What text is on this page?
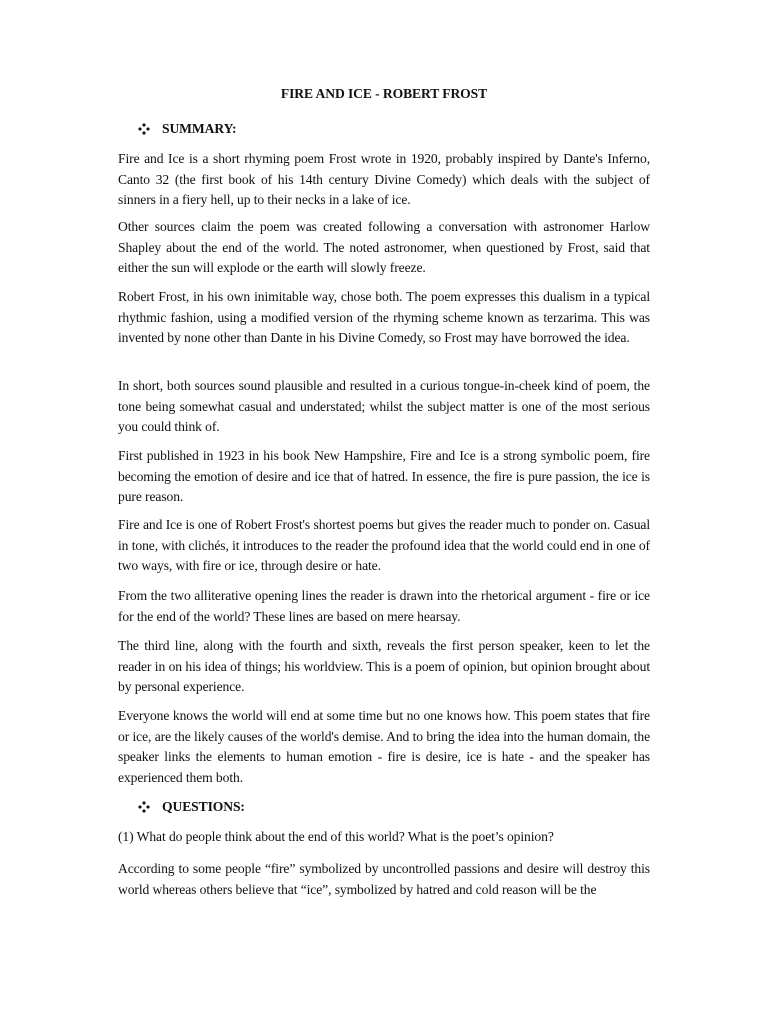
FIRE AND ICE - ROBERT FROST
SUMMARY:

Fire and Ice is a short rhyming poem Frost wrote in 1920, probably inspired by Dante's Inferno, Canto 32 (the first book of his 14th century Divine Comedy) which deals with the subject of sinners in a fiery hell, up to their necks in a lake of ice.

Other sources claim the poem was created following a conversation with astronomer Harlow Shapley about the end of the world. The noted astronomer, when questioned by Frost, said that either the sun will explode or the earth will slowly freeze.

Robert Frost, in his own inimitable way, chose both. The poem expresses this dualism in a typical rhythmic fashion, using a modified version of the rhyming scheme known as terzarima. This was invented by none other than Dante in his Divine Comedy, so Frost may have borrowed the idea.

In short, both sources sound plausible and resulted in a curious tongue-in-cheek kind of poem, the tone being somewhat casual and understated; whilst the subject matter is one of the most serious you could think of.

First published in 1923 in his book New Hampshire, Fire and Ice is a strong symbolic poem, fire becoming the emotion of desire and ice that of hatred. In essence, the fire is pure passion, the ice is pure reason.

Fire and Ice is one of Robert Frost's shortest poems but gives the reader much to ponder on. Casual in tone, with clichés, it introduces to the reader the profound idea that the world could end in one of two ways, with fire or ice, through desire or hate.

From the two alliterative opening lines the reader is drawn into the rhetorical argument - fire or ice for the end of the world? These lines are based on mere hearsay.

The third line, along with the fourth and sixth, reveals the first person speaker, keen to let the reader in on his idea of things; his worldview. This is a poem of opinion, but opinion brought about by personal experience.

Everyone knows the world will end at some time but no one knows how. This poem states that fire or ice, are the likely causes of the world's demise. And to bring the idea into the human domain, the speaker links the elements to human emotion - fire is desire, ice is hate - and the speaker has experienced them both.

QUESTIONS:

(1) What do people think about the end of this world? What is the poet’s opinion?

According to some people “fire” symbolized by uncontrolled passions and desire will destroy this world whereas others believe that “ice”, symbolized by hatred and cold reason will be the
